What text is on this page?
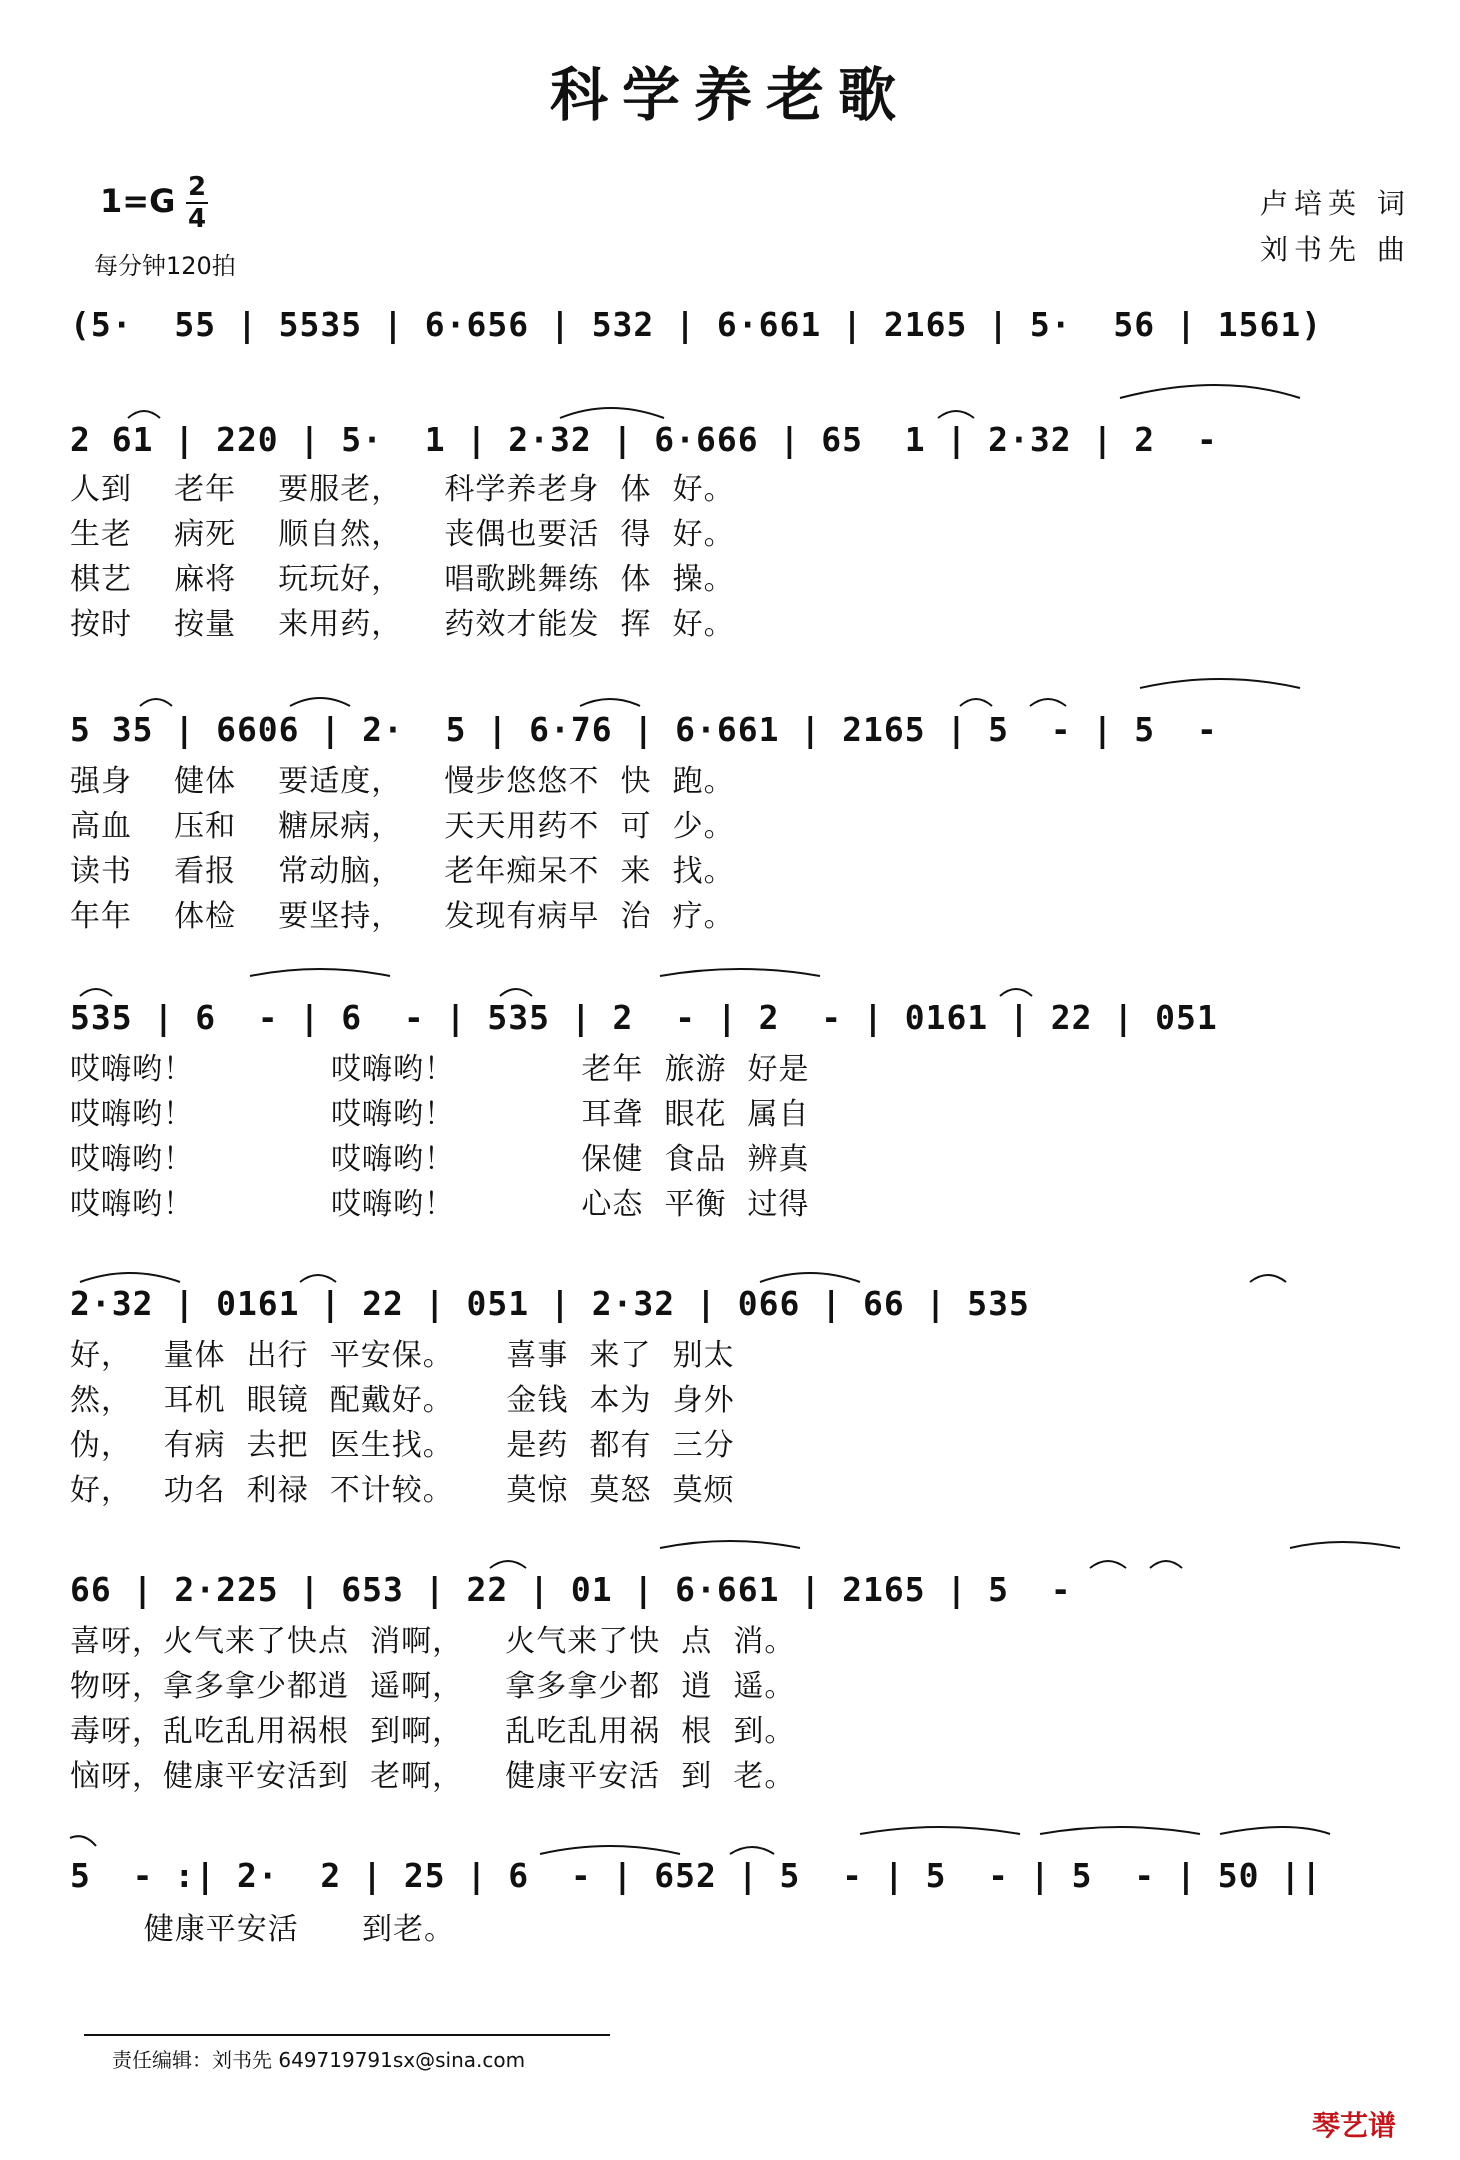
科学养老歌
1=G 2
4
每分钟120拍
卢培英 词
刘书先 曲
(5·  55 | 5535 | 6·656 | 532 | 6·661 | 2165 | 5·  56 | 1561)
2 61 | 220 | 5·  1 | 2·32 | 6·666 | 65  1 | 2·32 | 2  -
人到    老年    要服老，    科学养老身  体  好。
生老    病死    顺自然，    丧偶也要活  得  好。
棋艺    麻将    玩玩好，    唱歌跳舞练  体  操。
按时    按量    来用药，    药效才能发  挥  好。
5 35 | 6606 | 2·  5 | 6·76 | 6·661 | 2165 | 5  - | 5  -
强身    健体    要适度，    慢步悠悠不  快  跑。
高血    压和    糖尿病，    天天用药不  可  少。
读书    看报    常动脑，    老年痴呆不  来  找。
年年    体检    要坚持，    发现有病早  治  疗。
535 | 6  - | 6  - | 535 | 2  - | 2  - | 0161 | 22 | 051
哎嗨哟！             哎嗨哟！            老年  旅游  好是
哎嗨哟！             哎嗨哟！            耳聋  眼花  属自
哎嗨哟！             哎嗨哟！            保健  食品  辨真
哎嗨哟！             哎嗨哟！            心态  平衡  过得
2·32 | 0161 | 22 | 051 | 2·32 | 066 | 66 | 535
好，   量体  出行  平安保。     喜事  来了  别太
然，   耳机  眼镜  配戴好。     金钱  本为  身外
伪，   有病  去把  医生找。     是药  都有  三分
好，   功名  利禄  不计较。     莫惊  莫怒  莫烦
66 | 2·225 | 653 | 22 | 01 | 6·661 | 2165 | 5  -
喜呀，火气来了快点  消啊，    火气来了快  点  消。
物呀，拿多拿少都逍  遥啊，    拿多拿少都  逍  遥。
毒呀，乱吃乱用祸根  到啊，    乱吃乱用祸  根  到。
恼呀，健康平安活到  老啊，    健康平安活  到  老。
5  - :| 2·  2 | 25 | 6  - | 652 | 5  - | 5  - | 5  - | 50 ||
健康平安活      到老。
责任编辑：刘书先 649719791sx@sina.com
琴艺谱
